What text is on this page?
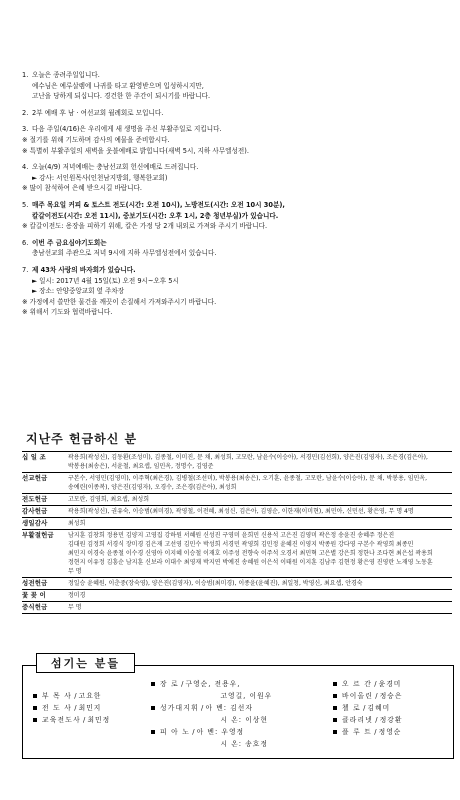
1. 오늘은 종려주일입니다.
예수님은 예루살렘에 나귀를 타고 환영받으며 입성하시지만,
고난을 당하게 되십니다. 경건한 한 주간이 되시기를 바랍니다.
2. 2부 예배 후 남 · 여선교회 월례회로 모입니다.
3. 다음 주일(4/16)은 우리에게 새 생명을 주신 부활주일로 지킵니다.
※ 절기를 위해 기도하며 감사의 예물을 준비합시다.
※ 특별히 부활주일의 새벽을 웃블예배로 밝힙니다(새벽 5시, 지하 사무엘성전).
4. 오늘(4/9) 저녁예배는 충남선교회 헌신예배로 드려집니다.
► 강사: 서인원목사(인천남지방회, 행복한교회)
※ 많이 참석하여 은혜 받으시길 바랍니다.
5. 매주 목요일 커피 & 토스트 전도(시간: 오전 10시), 노방전도(시간: 오전 10시 30분),
칼갈이전도(시간: 오전 11시), 중보기도(시간: 오후 1시, 2층 청년부실)가 있습니다.
※ 칼갈이전도: 용장을 피하기 위해, 칼은 가정 당 2개 내외로 가져와 주시기 바랍니다.
6. 이번 주 금요심야기도회는
충남선교회 주관으로 저녁 9시에 지하 사무엘성전에서 있습니다.
7. 제 43차 사랑의 바자회가 있습니다.
► 일시: 2017년 4월 15일(토) 오전 9시~오후 5시
► 장소: 안양중앙교회 옆 주차장
※ 가정에서 쓸만한 물건을 깨끗이 손질해서 가져와주시기 바랍니다.
※ 위해서 기도와 협력바랍니다.
지난주 헌금하신 분
십 일 조	곽용희(곽성신), 김동환(조성미), 김종철, 이미진, 문 채, 최성희, 고모란, 남윤수(이승아), 서경민(김선희), 양은진(김영자), 조은경(김은아),
박봉용(최송은), 서윤철, 최요셉, 임민옥, 정명수, 김영준
선교헌금	구본수, 서영민(김영미), 이주혁(최은경), 김병철(조선미), 박봉용(최송은), 오기훈, 윤종철, 고모란, 남윤수(이승아), 문 채, 박봉용, 임민옥,
송예린(이종복), 양은진(김영자), 오경수, 조은경(김은아), 최성희
전도헌금	고모란, 김영희, 최요셉, 최성희
감사헌금	곽용희(곽성신), 권유숙, 이승범(최미경), 곽영철, 이전혜, 최성신, 김은아, 김영순, 이한재(이미현), 최민아, 신민선, 황은영, 무 명 4명
생일감사	최성희
부활절헌금	남지훈 김창희 정용민 김양지 고영집 강하원 서혜원 신성진 구영미 윤희민 신용석 고은진 김영미 곽은정 송윤진 송혜주 정은진
김대원 김정희 서경식 장미경 김은재 고선영 김민수 박성희 서경민 곽영희 김민정 윤혜진 이영지 박종원 강다영 구본수 곽영희 최종민
최민지 이경숙 윤종철 이수경 신영아 이지혜 이승철 이재호 이주성 전향숙 이주석 오경서 최민혁 고은별 강은희 정한나 조다현 최은섭 곽용희
정현지 이유정 김흥순 남지훈 신보라 이대수 최영재 박지연 박예진 송혜원 이은석 이태원 이지훈 김남주 김현정 황은영 진영란 노재영 노동훈
무 명
성전헌금	정일승 윤혜원, 이춘중(장숙영), 양은진(김영자), 이승범(최미경), 이종윤(윤혜진), 최일청, 박영신, 최요셉, 안경숙
꽃 꽂 이	정미경
중식헌금	무 명
섬기는 분들
부 목 사 / 고요한
전 도 사 / 최민지
교육전도사 / 최민정
장 로 / 구영순, 전용우,
고영길, 이원우
성가대지휘 / 아 벤: 김선자
시 온: 이상현
피 아 노 / 아 벤: 우영정
시 온: 송호정
오 르 간 / 윤경미
바이올린 / 정승은
첼 로 / 김혜미
클라리넷 / 정강환
플 루 트 / 정영순
